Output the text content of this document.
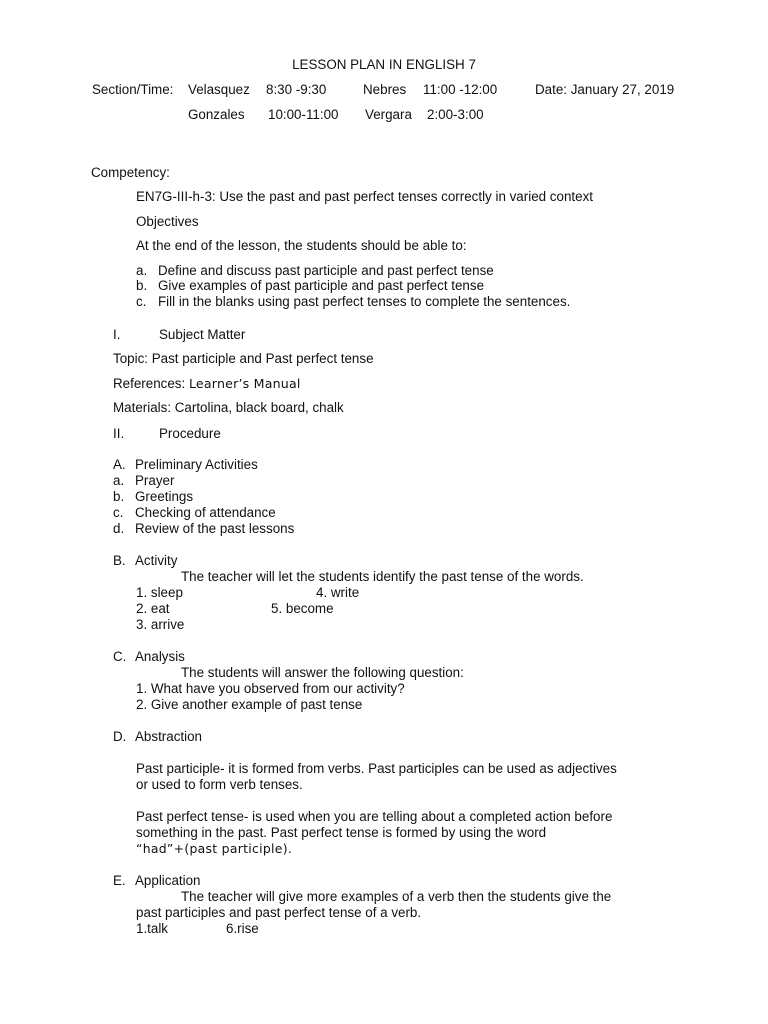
LESSON PLAN IN ENGLISH 7
Section/Time: Velasquez 8:30 -9:30	Nebres 11:00 -12:00	Date: January 27, 2019
Gonzales 10:00-11:00 Vergara 2:00-3:00
Competency:
EN7G-III-h-3: Use the past and past perfect tenses correctly in varied context
Objectives
At the end of the lesson, the students should be able to:
a. Define and discuss past participle and past perfect tense
b. Give examples of past participle and past perfect tense
c. Fill in the blanks using past perfect tenses to complete the sentences.
I.	Subject Matter
Topic: Past participle and Past perfect tense
References: Learner’s Manual
Materials: Cartolina, black board, chalk
II.	Procedure
A. Preliminary Activities
a. Prayer
b. Greetings
c. Checking of attendance
d. Review of the past lessons
B. Activity
The teacher will let the students identify the past tense of the words.
1. sleep	4. write
2. eat	5. become
3. arrive
C. Analysis
The students will answer the following question:
1. What have you observed from our activity?
2. Give another example of past tense
D. Abstraction
Past participle- it is formed from verbs. Past participles can be used as adjectives
or used to form verb tenses.
Past perfect tense- is used when you are telling about a completed action before
something in the past. Past perfect tense is formed by using the word
“had”+(past participle).
E. Application
The teacher will give more examples of a verb then the students give the
past participles and past perfect tense of a verb.
1.talk	6.rise
